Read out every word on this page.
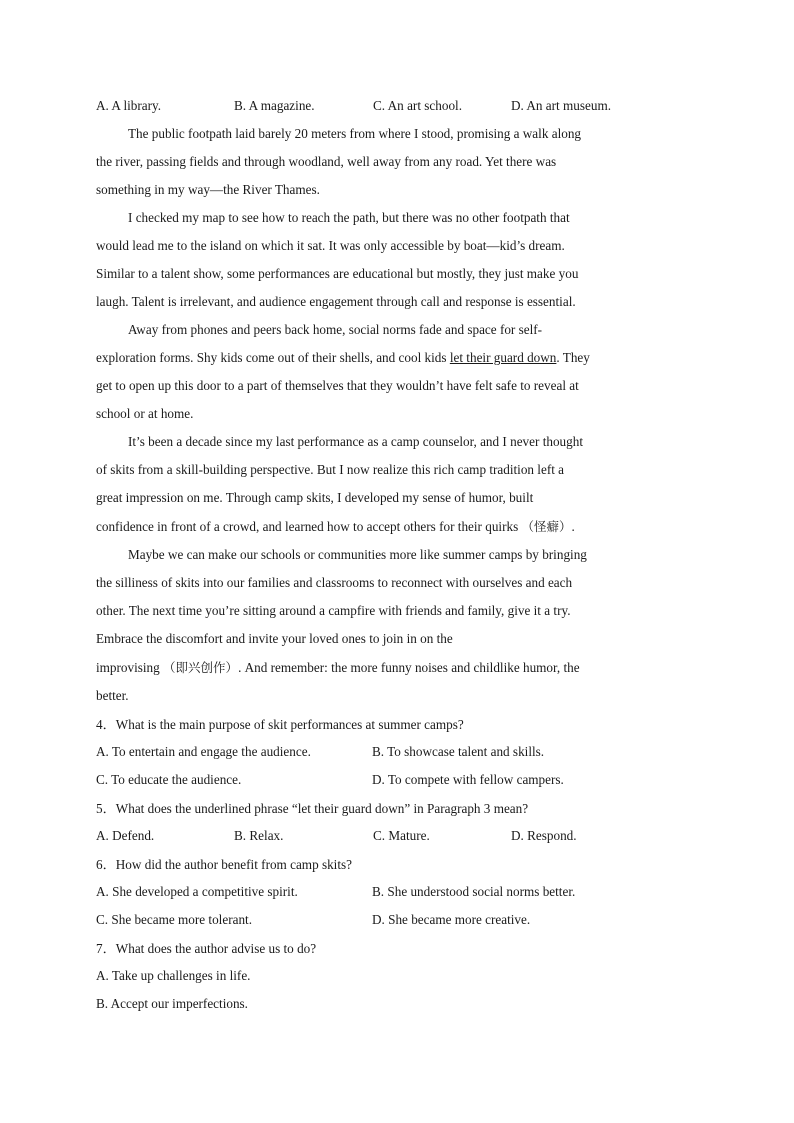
A. A library.	B. A magazine.	C. An art school.	D. An art museum.
The public footpath laid barely 20 meters from where I stood, promising a walk along
the river, passing fields and through woodland, well away from any road. Yet there was
something in my way—the River Thames.
I checked my map to see how to reach the path, but there was no other footpath that
would lead me to the island on which it sat. It was only accessible by boat—kid’s dream.
Similar to a talent show, some performances are educational but mostly, they just make you
laugh. Talent is irrelevant, and audience engagement through call and response is essential.
Away from phones and peers back home, social norms fade and space for self-
exploration forms. Shy kids come out of their shells, and cool kids let their guard down. They
get to open up this door to a part of themselves that they wouldn’t have felt safe to reveal at
school or at home.
It’s been a decade since my last performance as a camp counselor, and I never thought
of skits from a skill-building perspective. But I now realize this rich camp tradition left a
great impression on me. Through camp skits, I developed my sense of humor, built
confidence in front of a crowd, and learned how to accept others for their quirks （怪癖）.
Maybe we can make our schools or communities more like summer camps by bringing
the silliness of skits into our families and classrooms to reconnect with ourselves and each
other. The next time you’re sitting around a campfire with friends and family, give it a try.
Embrace the discomfort and invite your loved ones to join in on the
improvising （即兴创作）. And remember: the more funny noises and childlike humor, the
better.
4．What is the main purpose of skit performances at summer camps?
A. To entertain and engage the audience.	B. To showcase talent and skills.
C. To educate the audience.	D. To compete with fellow campers.
5．What does the underlined phrase “let their guard down” in Paragraph 3 mean?
A. Defend.	B. Relax.	C. Mature.	D. Respond.
6．How did the author benefit from camp skits?
A. She developed a competitive spirit.	B. She understood social norms better.
C. She became more tolerant.	D. She became more creative.
7．What does the author advise us to do?
A. Take up challenges in life.
B. Accept our imperfections.
